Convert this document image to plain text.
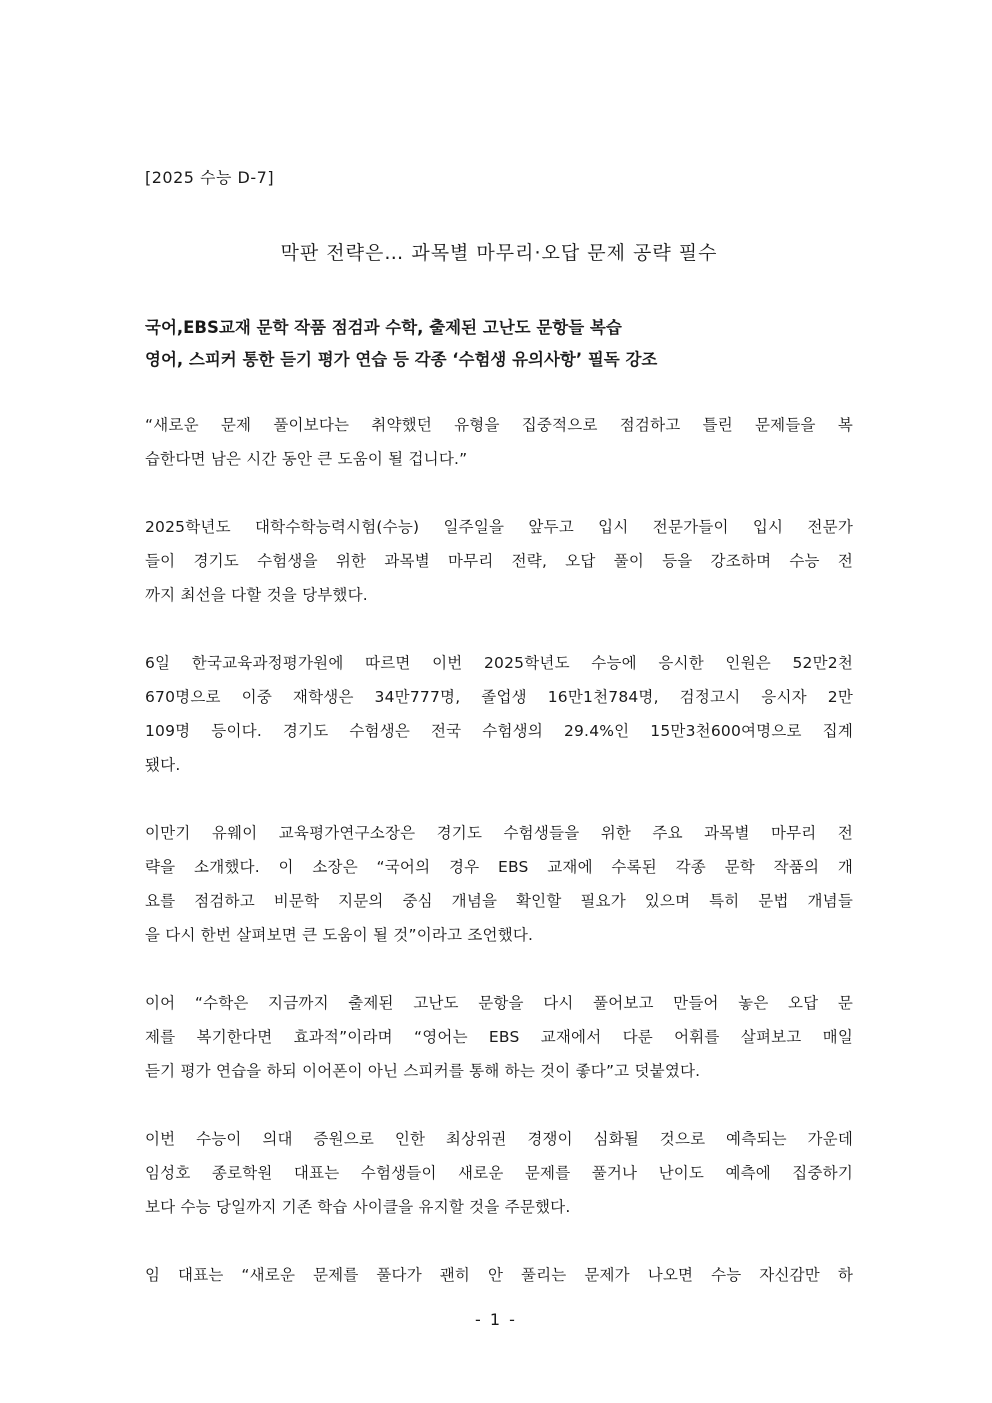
[2025 수능 D-7]
막판 전략은… 과목별 마무리·오답 문제 공략 필수

국어,EBS교재 문학 작품 점검과 수학, 출제된 고난도 문항들 복습

영어, 스피커 통한 듣기 평가 연습 등 각종 ‘수험생 유의사항’ 필독 강조

“새로운 문제 풀이보다는 취약했던 유형을 집중적으로 점검하고 틀린 문제들을 복
습한다면 남은 시간 동안 큰 도움이 될 겁니다.”

2025학년도 대학수학능력시험(수능) 일주일을 앞두고 입시 전문가들이 입시 전문가
들이 경기도 수험생을 위한 과목별 마무리 전략, 오답 풀이 등을 강조하며 수능 전
까지 최선을 다할 것을 당부했다.

6일 한국교육과정평가원에 따르면 이번 2025학년도 수능에 응시한 인원은 52만2천
670명으로 이중 재학생은 34만777명, 졸업생 16만1천784명, 검정고시 응시자 2만
109명 등이다. 경기도 수험생은 전국 수험생의 29.4%인 15만3천600여명으로 집계
됐다.

이만기 유웨이 교육평가연구소장은 경기도 수험생들을 위한 주요 과목별 마무리 전
략을 소개했다. 이 소장은 “국어의 경우 EBS 교재에 수록된 각종 문학 작품의 개
요를 점검하고 비문학 지문의 중심 개념을 확인할 필요가 있으며 특히 문법 개념들
을 다시 한번 살펴보면 큰 도움이 될 것”이라고 조언했다.

이어 “수학은 지금까지 출제된 고난도 문항을 다시 풀어보고 만들어 놓은 오답 문
제를 복기한다면 효과적”이라며 “영어는 EBS 교재에서 다룬 어휘를 살펴보고 매일
듣기 평가 연습을 하되 이어폰이 아닌 스피커를 통해 하는 것이 좋다”고 덧붙였다.

이번 수능이 의대 증원으로 인한 최상위권 경쟁이 심화될 것으로 예측되는 가운데
임성호 종로학원 대표는 수험생들이 새로운 문제를 풀거나 난이도 예측에 집중하기
보다 수능 당일까지 기존 학습 사이클을 유지할 것을 주문했다.

임 대표는 “새로운 문제를 풀다가 괜히 안 풀리는 문제가 나오면 수능 자신감만 하

- 1 -
